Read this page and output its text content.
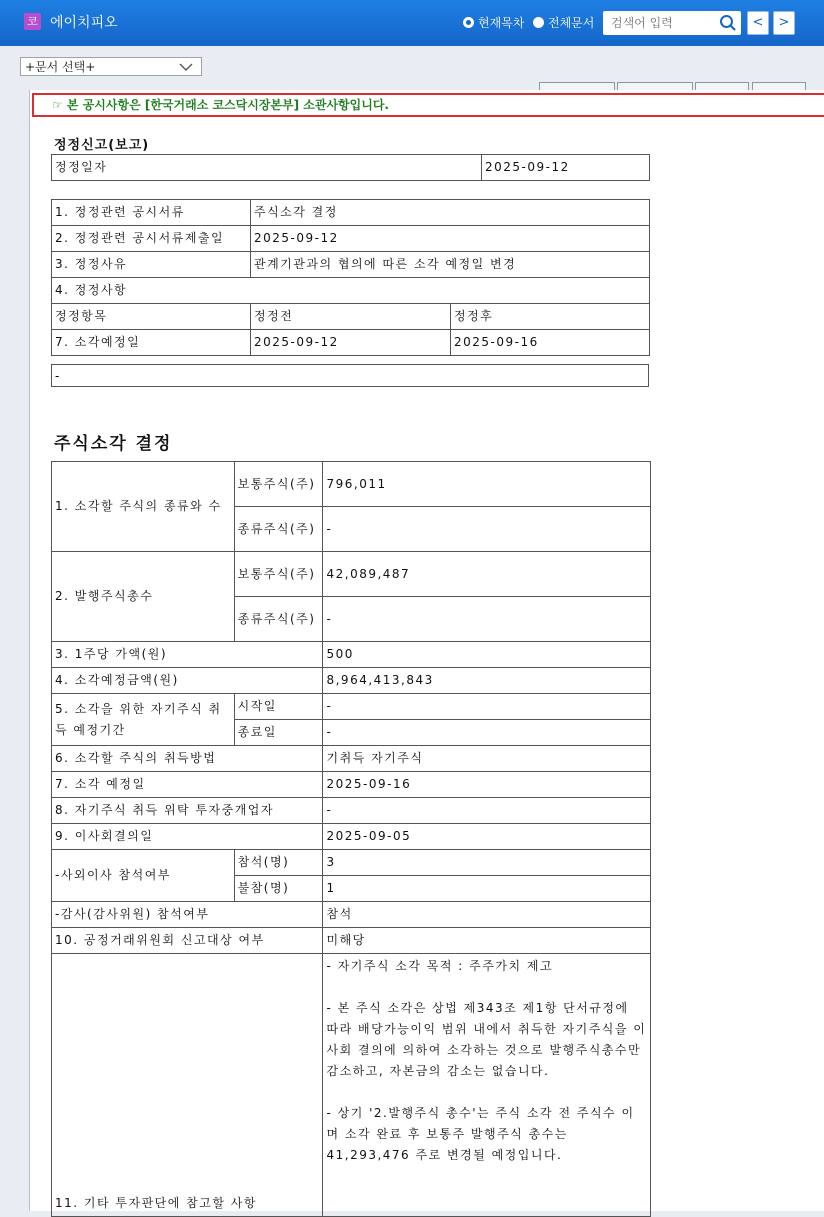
코 에이치피오	현재목차 전체문서
검색어 입력	<	>
+문서 선택+
☞ 본 공시사항은 [한국거래소 코스닥시장본부] 소관사항입니다.
정정신고(보고)
정정일자	2025-09-12
1. 정정관련 공시서류	주식소각 결정	
2. 정정관련 공시서류제출일	2025-09-12	
3. 정정사유	관계기관과의 협의에 따른 소각 예정일 변경	
4. 정정사항		
정정항목	정정전	정정후
7. 소각예정일	2025-09-12	2025-09-16
-
주식소각 결정
1. 소각할 주식의 종류와 수	보통주식(주)	796,011
	종류주식(주)	-
2. 발행주식총수	보통주식(주)	42,089,487
	종류주식(주)	-
3. 1주당 가액(원)		500
4. 소각예정금액(원)		8,964,413,843
5. 소각을 위한 자기주식 취득 예정기간	시작일	-
	종료일	-
6. 소각할 주식의 취득방법		기취득 자기주식
7. 소각 예정일		2025-09-16
8. 자기주식 취득 위탁 투자중개업자		-
9. 이사회결의일		2025-09-05
-사외이사 참석여부	참석(명)	3
	불참(명)	1
-감사(감사위원) 참석여부		참석
10. 공정거래위원회 신고대상 여부		미해당
11. 기타 투자판단에 참고할 사항		- 자기주식 소각 목적 : 주주가치 제고

- 본 주식 소각은 상법 제343조 제1항 단서규정에 따라 배당가능이익 범위 내에서 취득한 자기주식을 이사회 결의에 의하여 소각하는 것으로 발행주식총수만 감소하고, 자본금의 감소는 없습니다.

- 상기 '2.발행주식 총수'는 주식 소각 전 주식수 이며 소각 완료 후 보통주 발행주식 총수는 41,293,476 주로 변경될 예정입니다.
